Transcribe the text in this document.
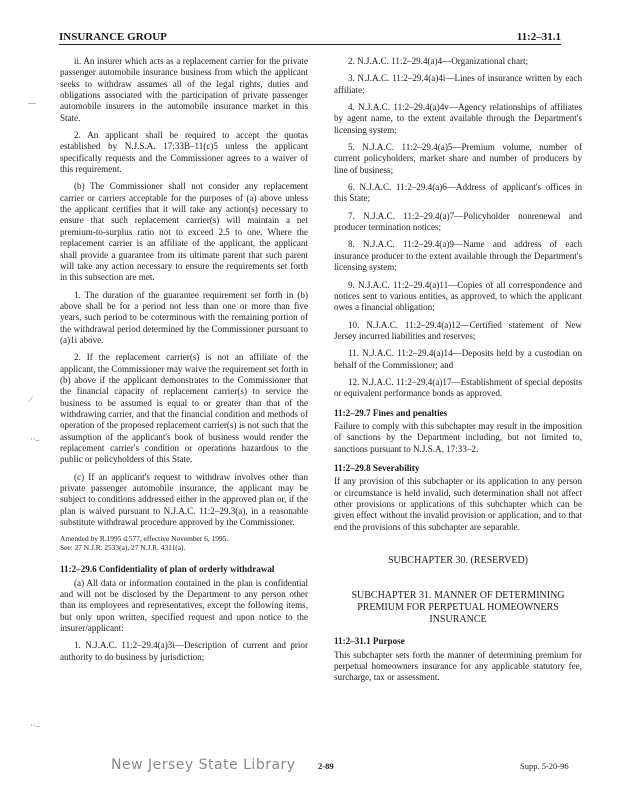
INSURANCE GROUP	11:2–31.1
—
⁄
··–
··–

ii. An insurer which acts as a replacement carrier for the private passenger automobile insurance business from which the applicant seeks to withdraw assumes all of the legal rights, duties and obligations associated with the participation of private passenger automobile insurers in the automobile insurance market in this State.

2. An applicant shall be required to accept the quotas established by N.J.S.A. 17:33B–11(c)5 unless the applicant specifically requests and the Commissioner agrees to a waiver of this requirement.

(b) The Commissioner shall not consider any replacement carrier or carriers acceptable for the purposes of (a) above unless the applicant certifies that it will take any action(s) necessary to ensure that such replacement carrier(s) will maintain a net premium-to-surplus ratio not to exceed 2.5 to one. Where the replacement carrier is an affiliate of the applicant, the applicant shall provide a guarantee from its ultimate parent that such parent will take any action necessary to ensure the requirements set forth in this subsection are met.

1. The duration of the guarantee requirement set forth in (b) above shall be for a period not less than one or more than five years, such period to be coterminous with the remaining portion of the withdrawal period determined by the Commissioner pursuant to (a)1i above.

2. If the replacement carrier(s) is not an affiliate of the applicant, the Commissioner may waive the requirement set forth in (b) above if the applicant demonstrates to the Commissioner that the financial capacity of replacement carrier(s) to service the business to be assumed is equal to or greater than that of the withdrawing carrier, and that the financial condition and methods of operation of the proposed replacement carrier(s) is not such that the assumption of the applicant's book of business would render the replacement carrier's condition or operations hazardous to the public or policyholders of this State.

(c) If an applicant's request to withdraw involves other than private passenger automobile insurance, the applicant may be subject to conditions addressed either in the approved plan or, if the plan is waived pursuant to N.J.A.C. 11:2–29.3(a), in a reasonable substitute withdrawal procedure approved by the Commissioner.

Amended by R.1995 d.577, effective November 6, 1995.
See: 27 N.J.R. 2533(a), 27 N.J.R. 4311(a).
11:2–29.6 Confidentiality of plan of orderly withdrawal

(a) All data or information contained in the plan is confidential and will not be disclosed by the Department to any person other than its employees and representatives, except the following items, but only upon written, specified request and upon notice to the insurer/applicant:

1. N.J.A.C. 11:2–29.4(a)3i—Description of current and prior authority to do business by jurisdiction;

2. N.J.A.C. 11:2–29.4(a)4—Organizational chart;

3. N.J.A.C. 11:2–29.4(a)4i—Lines of insurance written by each affiliate;

4. N.J.A.C. 11:2–29.4(a)4v—Agency relationships of affiliates by agent name, to the extent available through the Department's licensing system;

5. N.J.A.C. 11:2–29.4(a)5—Premium volume, number of current policyholders, market share and number of producers by line of business;

6. N.J.A.C. 11:2–29.4(a)6—Address of applicant's offices in this State;

7. N.J.A.C. 11:2–29.4(a)7—Policyholder nonrenewal and producer termination notices;

8. N.J.A.C. 11:2–29.4(a)9—Name and address of each insurance producer to the extent available through the Department's licensing system;

9. N.J.A.C. 11:2–29.4(a)11—Copies of all correspondence and notices sent to various entities, as approved, to which the applicant owes a financial obligation;

10. N.J.A.C. 11:2–29.4(a)12—Certified statement of New Jersey incurred liabilities and reserves;

11. N.J.A.C. 11:2–29.4(a)14—Deposits held by a custodian on behalf of the Commissioner; and

12. N.J.A.C. 11:2–29.4(a)17—Establishment of special deposits or equivalent performance bonds as approved.

11:2–29.7 Fines and penalties

Failure to comply with this subchapter may result in the imposition of sanctions by the Department including, but not limited to, sanctions pursuant to N.J.S.A. 17:33–2.

11:2–29.8 Severability

If any provision of this subchapter or its application to any person or circumstance is held invalid, such determination shall not affect other provisions or applications of this subchapter which can be given effect without the invalid provision or application, and to that end the provisions of this subchapter are separable.

SUBCHAPTER 30. (RESERVED)
SUBCHAPTER 31. MANNER OF DETERMINING PREMIUM FOR PERPETUAL HOMEOWNERS INSURANCE
11:2–31.1 Purpose

This subchapter sets forth the manner of determining premium for perpetual homeowners insurance for any applicable statutory fee, surcharge, tax or assessment.

New Jersey State Library	2-89	Supp. 5-20-96
